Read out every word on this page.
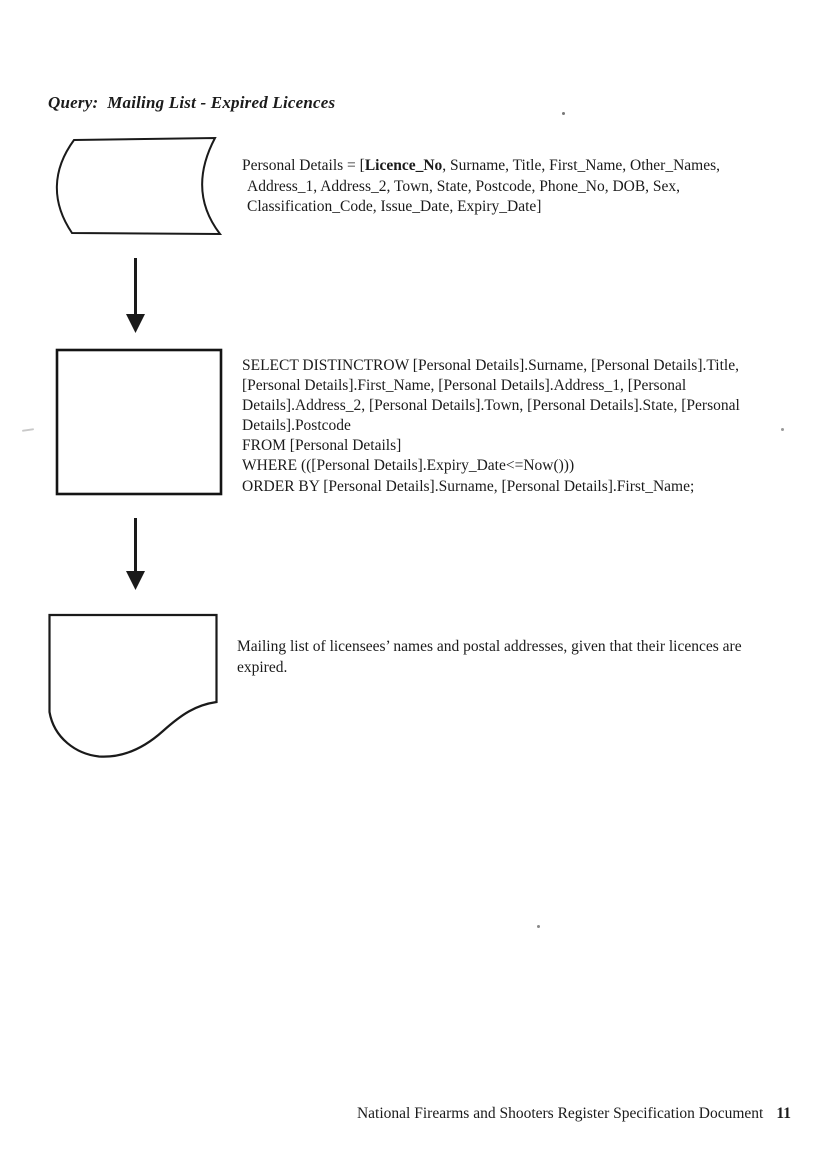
Query:  Mailing List - Expired Licences
Personal Details = [Licence_No, Surname, Title, First_Name, Other_Names,
Address_1, Address_2, Town, State, Postcode, Phone_No, DOB, Sex,
Classification_Code, Issue_Date, Expiry_Date]
SELECT DISTINCTROW [Personal Details].Surname, [Personal Details].Title,
[Personal Details].First_Name, [Personal Details].Address_1, [Personal
Details].Address_2, [Personal Details].Town, [Personal Details].State, [Personal
Details].Postcode
FROM [Personal Details]
WHERE (([Personal Details].Expiry_Date<=Now()))
ORDER BY [Personal Details].Surname, [Personal Details].First_Name;
Mailing list of licensees’ names and postal addresses, given that their licences are
expired.
National Firearms and Shooters Register Specification Document 11
